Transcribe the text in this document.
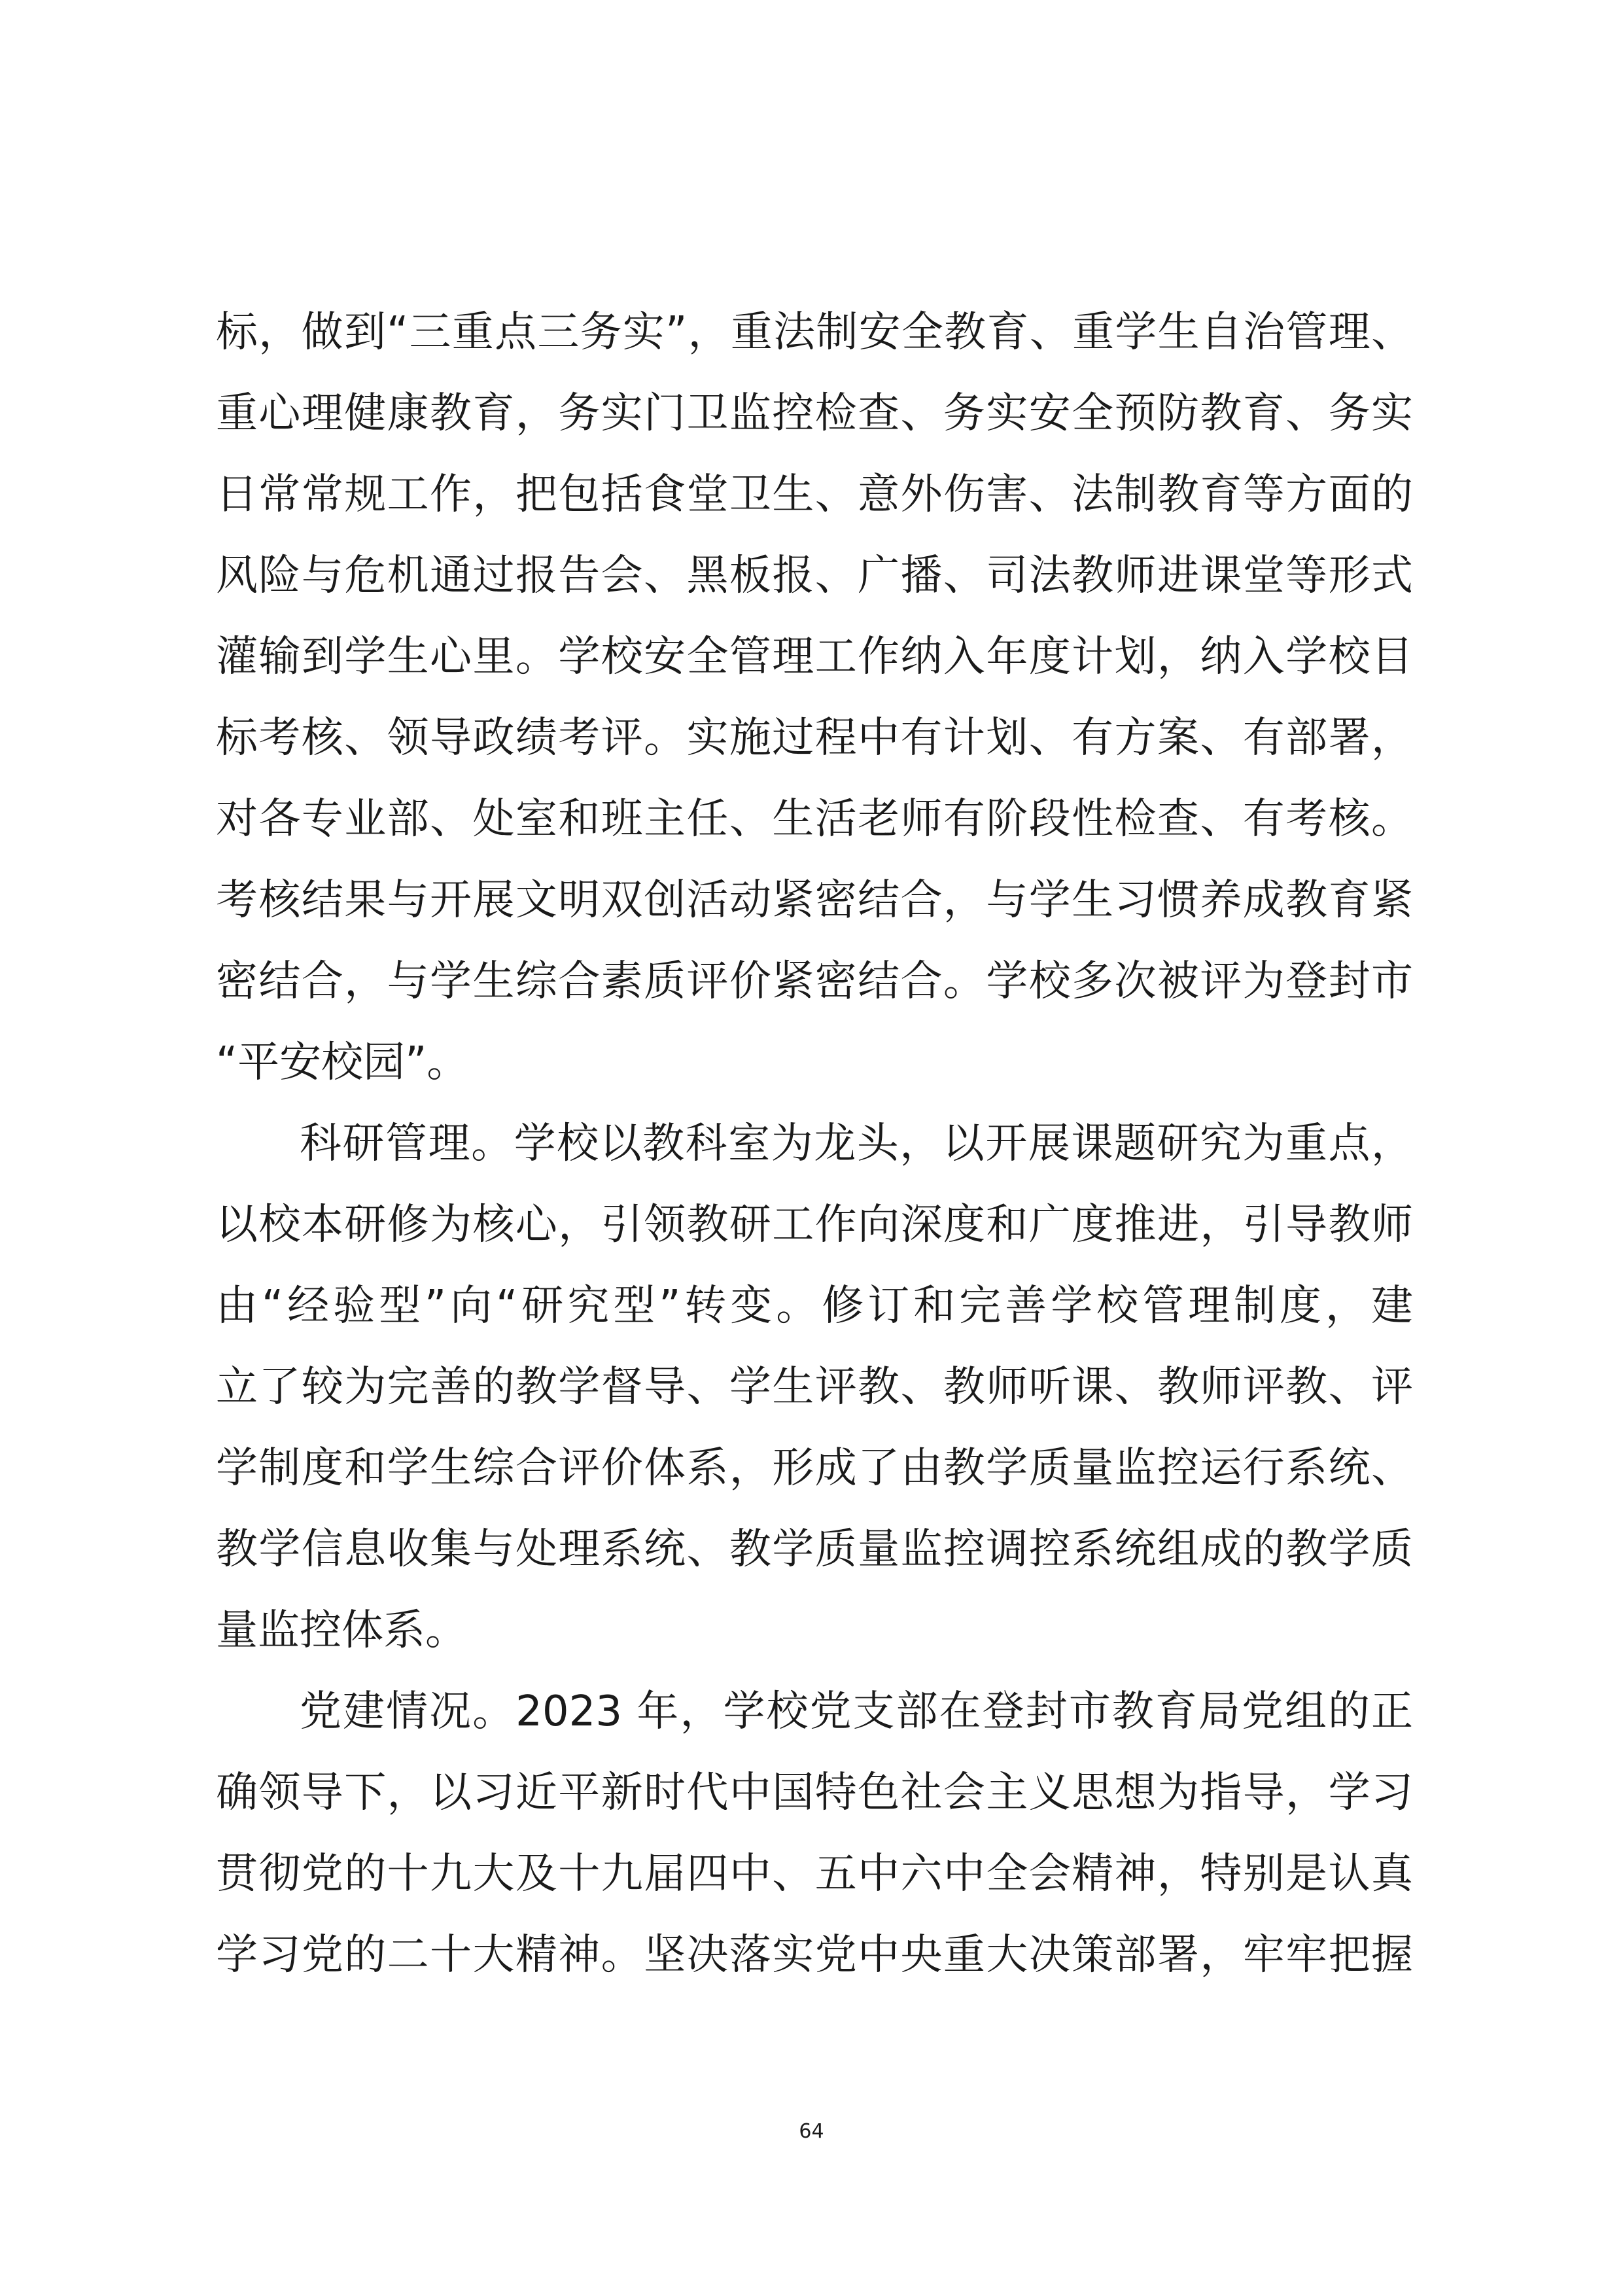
标，做到“三重点三务实”，重法制安全教育、重学生自治管理、
重心理健康教育，务实门卫监控检查、务实安全预防教育、务实
日常常规工作，把包括食堂卫生、意外伤害、法制教育等方面的
风险与危机通过报告会、黑板报、广播、司法教师进课堂等形式
灌输到学生心里。学校安全管理工作纳入年度计划，纳入学校目
标考核、领导政绩考评。实施过程中有计划、有方案、有部署，
对各专业部、处室和班主任、生活老师有阶段性检查、有考核。
考核结果与开展文明双创活动紧密结合，与学生习惯养成教育紧
密结合，与学生综合素质评价紧密结合。学校多次被评为登封市
“平安校园”。
科研管理。学校以教科室为龙头，以开展课题研究为重点，
以校本研修为核心，引领教研工作向深度和广度推进，引导教师
由“经验型”向“研究型”转变。修订和完善学校管理制度，建
立了较为完善的教学督导、学生评教、教师听课、教师评教、评
学制度和学生综合评价体系，形成了由教学质量监控运行系统、
教学信息收集与处理系统、教学质量监控调控系统组成的教学质
量监控体系。
党建情况。2023 年，学校党支部在登封市教育局党组的正
确领导下，以习近平新时代中国特色社会主义思想为指导，学习
贯彻党的十九大及十九届四中、五中六中全会精神，特别是认真
学习党的二十大精神。坚决落实党中央重大决策部署，牢牢把握
64
